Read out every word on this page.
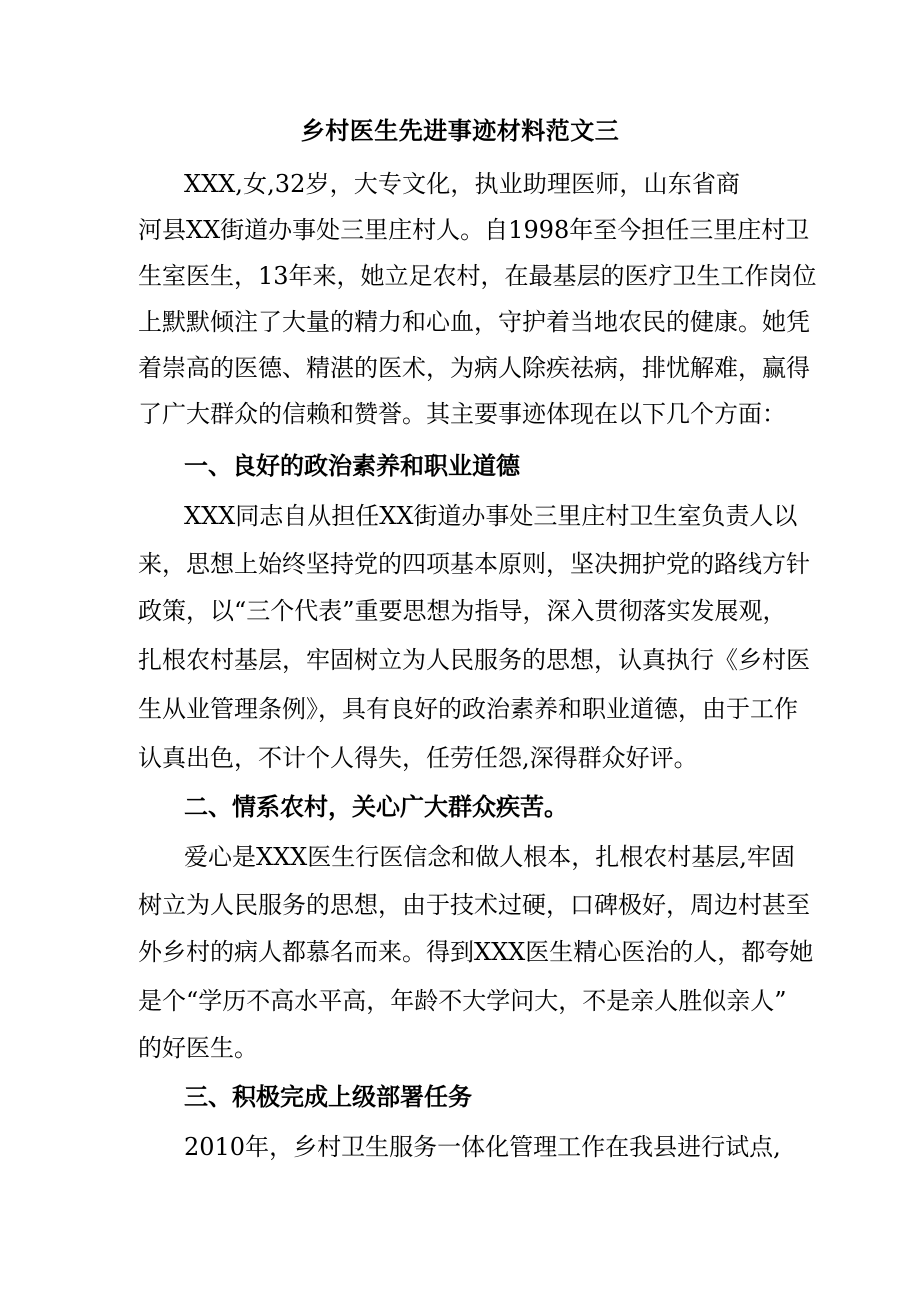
乡村医生先进事迹材料范文三
XXX,女,32岁，大专文化，执业助理医师，山东省商
河县XX街道办事处三里庄村人。自1998年至今担任三里庄村卫
生室医生，13年来，她立足农村，在最基层的医疗卫生工作岗位
上默默倾注了大量的精力和心血，守护着当地农民的健康。她凭
着崇高的医德、精湛的医术，为病人除疾祛病，排忧解难，赢得
了广大群众的信赖和赞誉。其主要事迹体现在以下几个方面：
一、良好的政治素养和职业道德
XXX同志自从担任XX街道办事处三里庄村卫生室负责人以
来，思想上始终坚持党的四项基本原则，坚决拥护党的路线方针
政策，以“三个代表”重要思想为指导，深入贯彻落实发展观，
扎根农村基层，牢固树立为人民服务的思想，认真执行《乡村医
生从业管理条例》，具有良好的政治素养和职业道德，由于工作
认真出色，不计个人得失，任劳任怨,深得群众好评。
二、情系农村，关心广大群众疾苦。
爱心是XXX医生行医信念和做人根本，扎根农村基层,牢固
树立为人民服务的思想，由于技术过硬，口碑极好，周边村甚至
外乡村的病人都慕名而来。得到XXX医生精心医治的人，都夸她
是个“学历不高水平高，年龄不大学问大，不是亲人胜似亲人”
的好医生。
三、积极完成上级部署任务
2010年，乡村卫生服务一体化管理工作在我县进行试点,
